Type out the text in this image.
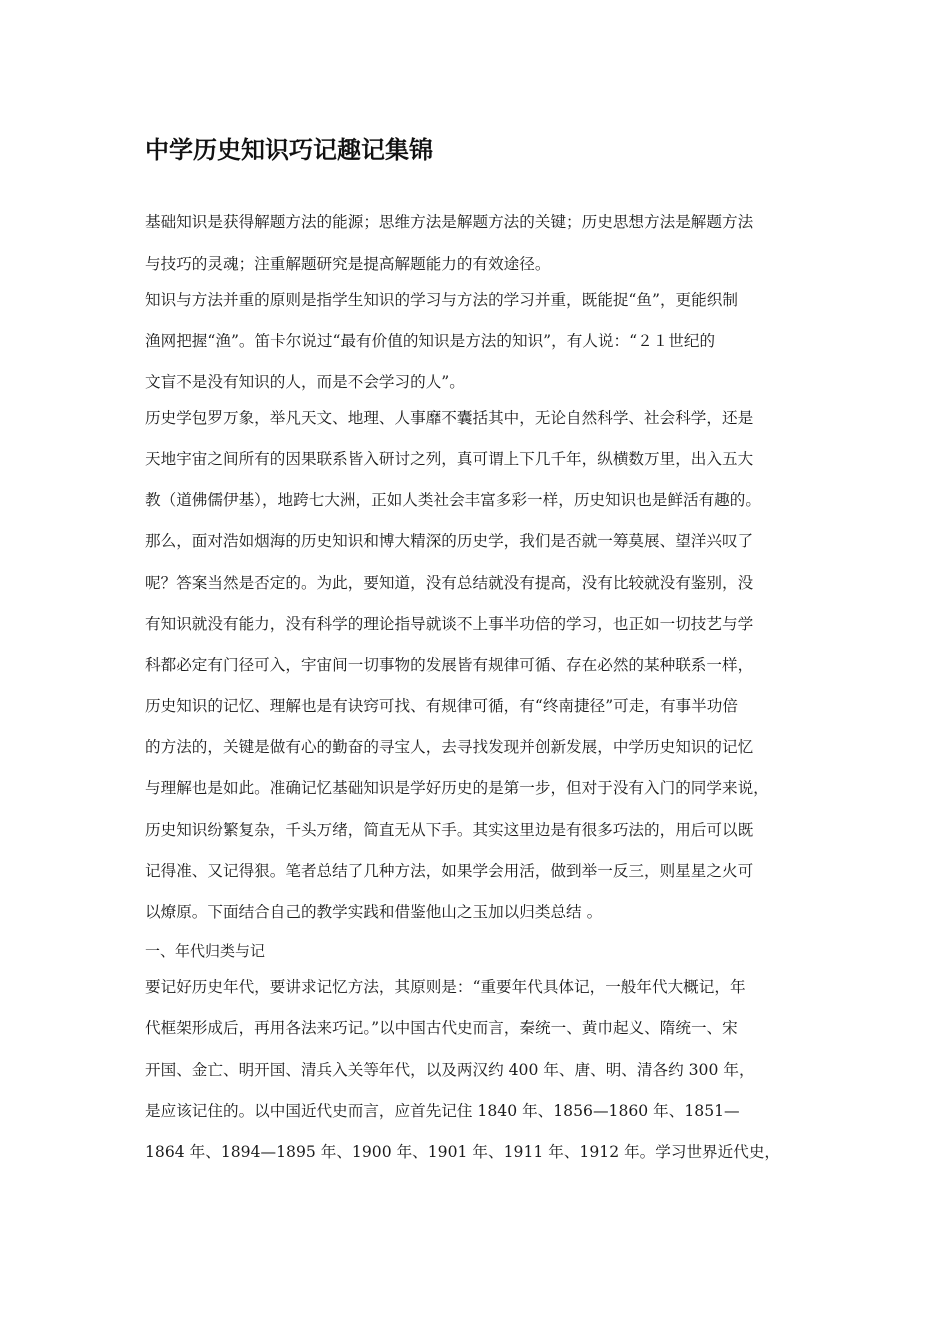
中学历史知识巧记趣记集锦
基础知识是获得解题方法的能源；思维方法是解题方法的关键；历史思想方法是解题方法
与技巧的灵魂；注重解题研究是提高解题能力的有效途径。
知识与方法并重的原则是指学生知识的学习与方法的学习并重，既能捉“鱼”，更能织制
渔网把握“渔”。笛卡尔说过“最有价值的知识是方法的知识”，有人说：“２１世纪的
文盲不是没有知识的人，而是不会学习的人”。
历史学包罗万象，举凡天文、地理、人事靡不囊括其中，无论自然科学、社会科学，还是
天地宇宙之间所有的因果联系皆入研讨之列，真可谓上下几千年，纵横数万里，出入五大
教（道佛儒伊基），地跨七大洲，正如人类社会丰富多彩一样，历史知识也是鲜活有趣的。
那么，面对浩如烟海的历史知识和博大精深的历史学，我们是否就一筹莫展、望洋兴叹了
呢？答案当然是否定的。为此，要知道，没有总结就没有提高，没有比较就没有鉴别，没
有知识就没有能力，没有科学的理论指导就谈不上事半功倍的学习，也正如一切技艺与学
科都必定有门径可入，宇宙间一切事物的发展皆有规律可循、存在必然的某种联系一样，
历史知识的记忆、理解也是有诀窍可找、有规律可循，有“终南捷径”可走，有事半功倍
的方法的，关键是做有心的勤奋的寻宝人，去寻找发现并创新发展，中学历史知识的记忆
与理解也是如此。准确记忆基础知识是学好历史的是第一步，但对于没有入门的同学来说，
历史知识纷繁复杂，千头万绪，简直无从下手。其实这里边是有很多巧法的，用后可以既
记得准、又记得狠。笔者总结了几种方法，如果学会用活，做到举一反三，则星星之火可
以燎原。下面结合自己的教学实践和借鉴他山之玉加以归类总结 。
一、年代归类与记
要记好历史年代，要讲求记忆方法，其原则是：“重要年代具体记，一般年代大概记，年
代框架形成后，再用各法来巧记。”以中国古代史而言，秦统一、黄巾起义、隋统一、宋
开国、金亡、明开国、清兵入关等年代，以及两汉约 400 年、唐、明、清各约 300 年，
是应该记住的。以中国近代史而言，应首先记住 1840 年、1856—1860 年、1851—
1864 年、1894—1895 年、1900 年、1901 年、1911 年、1912 年。学习世界近代史，
